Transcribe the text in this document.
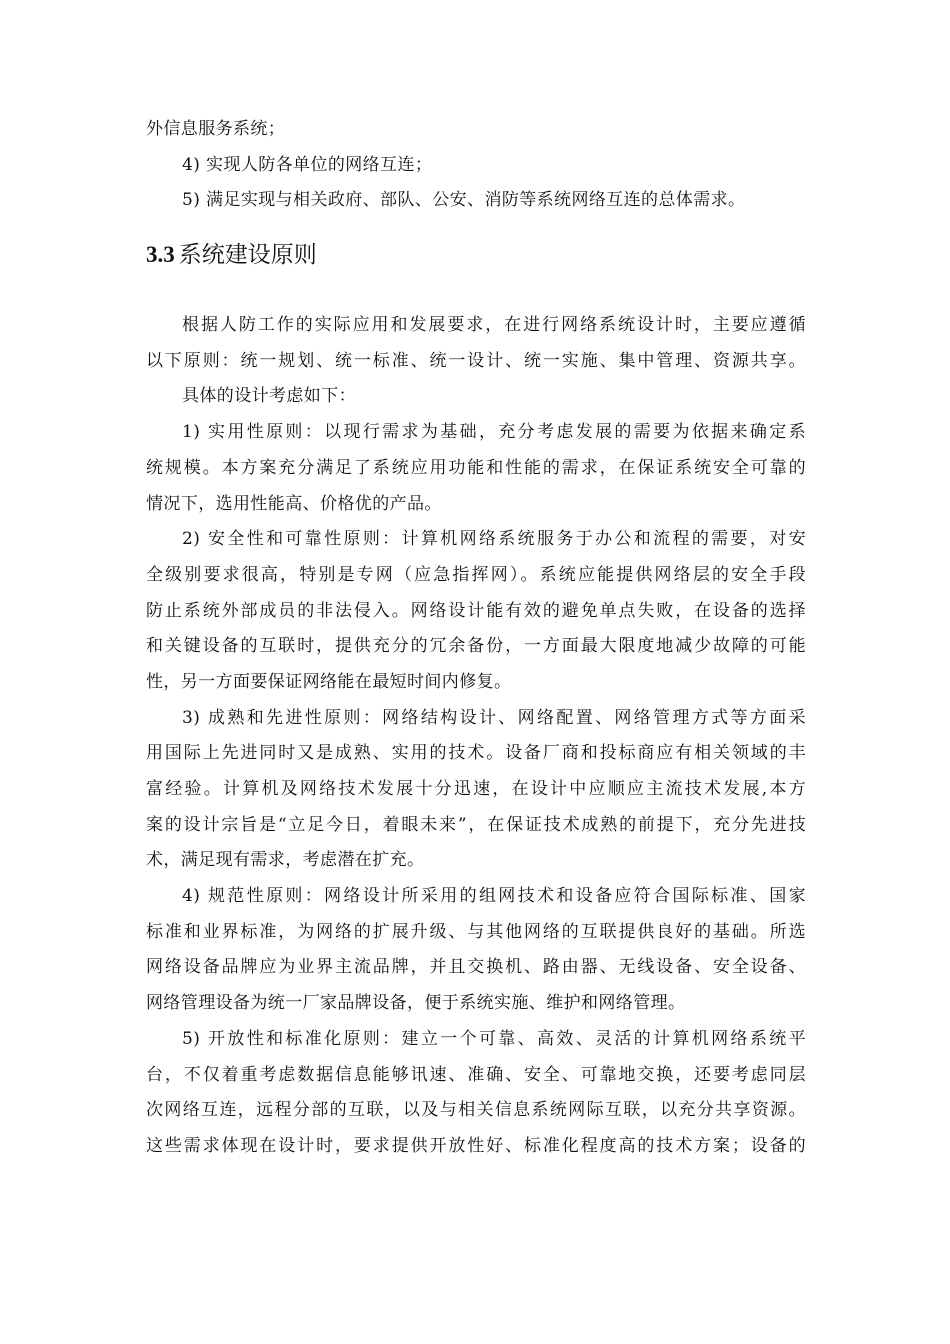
外信息服务系统；
4) 实现人防各单位的网络互连；
5) 满足实现与相关政府、部队、公安、消防等系统网络互连的总体需求。
3.3 系统建设原则
根据人防工作的实际应用和发展要求，在进行网络系统设计时，主要应遵循
以下原则：统一规划、统一标准、统一设计、统一实施、集中管理、资源共享。
具体的设计考虑如下：
1) 实用性原则：以现行需求为基础，充分考虑发展的需要为依据来确定系
统规模。本方案充分满足了系统应用功能和性能的需求，在保证系统安全可靠的
情况下，选用性能高、价格优的产品。
2) 安全性和可靠性原则：计算机网络系统服务于办公和流程的需要，对安
全级别要求很高，特别是专网（应急指挥网）。系统应能提供网络层的安全手段
防止系统外部成员的非法侵入。网络设计能有效的避免单点失败，在设备的选择
和关键设备的互联时，提供充分的冗余备份，一方面最大限度地减少故障的可能
性，另一方面要保证网络能在最短时间内修复。
3) 成熟和先进性原则：网络结构设计、网络配置、网络管理方式等方面采
用国际上先进同时又是成熟、实用的技术。设备厂商和投标商应有相关领域的丰
富经验。计算机及网络技术发展十分迅速，在设计中应顺应主流技术发展,本方
案的设计宗旨是“立足今日，着眼未来”，在保证技术成熟的前提下，充分先进技
术，满足现有需求，考虑潜在扩充。
4) 规范性原则：网络设计所采用的组网技术和设备应符合国际标准、国家
标准和业界标准，为网络的扩展升级、与其他网络的互联提供良好的基础。所选
网络设备品牌应为业界主流品牌，并且交换机、路由器、无线设备、安全设备、
网络管理设备为统一厂家品牌设备，便于系统实施、维护和网络管理。
5) 开放性和标准化原则：建立一个可靠、高效、灵活的计算机网络系统平
台，不仅着重考虑数据信息能够讯速、准确、安全、可靠地交换，还要考虑同层
次网络互连，远程分部的互联，以及与相关信息系统网际互联，以充分共享资源。
这些需求体现在设计时，要求提供开放性好、标准化程度高的技术方案；设备的
